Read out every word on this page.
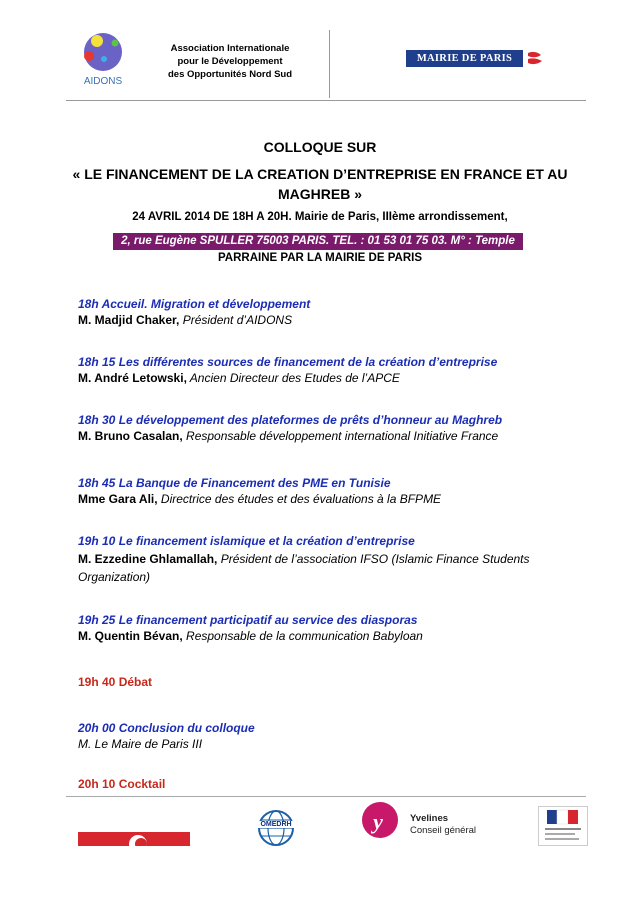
AIDONS
Association Internationale
pour le Développement
des Opportunités Nord Sud
MAIRIE DE PARIS
COLLOQUE SUR
« LE FINANCEMENT DE LA CREATION D’ENTREPRISE EN FRANCE ET AU MAGHREB »
24 AVRIL 2014 DE 18H A 20H. Mairie de Paris, IIIème arrondissement,
2, rue Eugène SPULLER 75003 PARIS. TEL. : 01 53 01 75 03. M° : Temple
PARRAINE PAR LA MAIRIE DE PARIS
18h Accueil. Migration et développement
M. Madjid Chaker, Président d’AIDONS
18h 15 Les différentes sources de financement de la création d’entreprise
M. André Letowski, Ancien Directeur des Etudes de l’APCE
18h 30 Le développement des plateformes de prêts d’honneur au Maghreb
M. Bruno Casalan, Responsable développement international Initiative France
18h 45 La Banque de Financement des PME en Tunisie
Mme Gara Ali, Directrice des études et des évaluations à la BFPME
19h 10 Le financement islamique et la création d’entreprise
M. Ezzedine Ghlamallah, Président de l’association IFSO (Islamic Finance Students Organization)
19h 25 Le financement participatif au service des diasporas
M. Quentin Bévan, Responsable de la communication Babyloan
19h 40 Débat
20h 00 Conclusion du colloque
M. Le Maire de Paris III
20h 10 Cocktail
OMEDRH	y	Yvelines
Conseil général
